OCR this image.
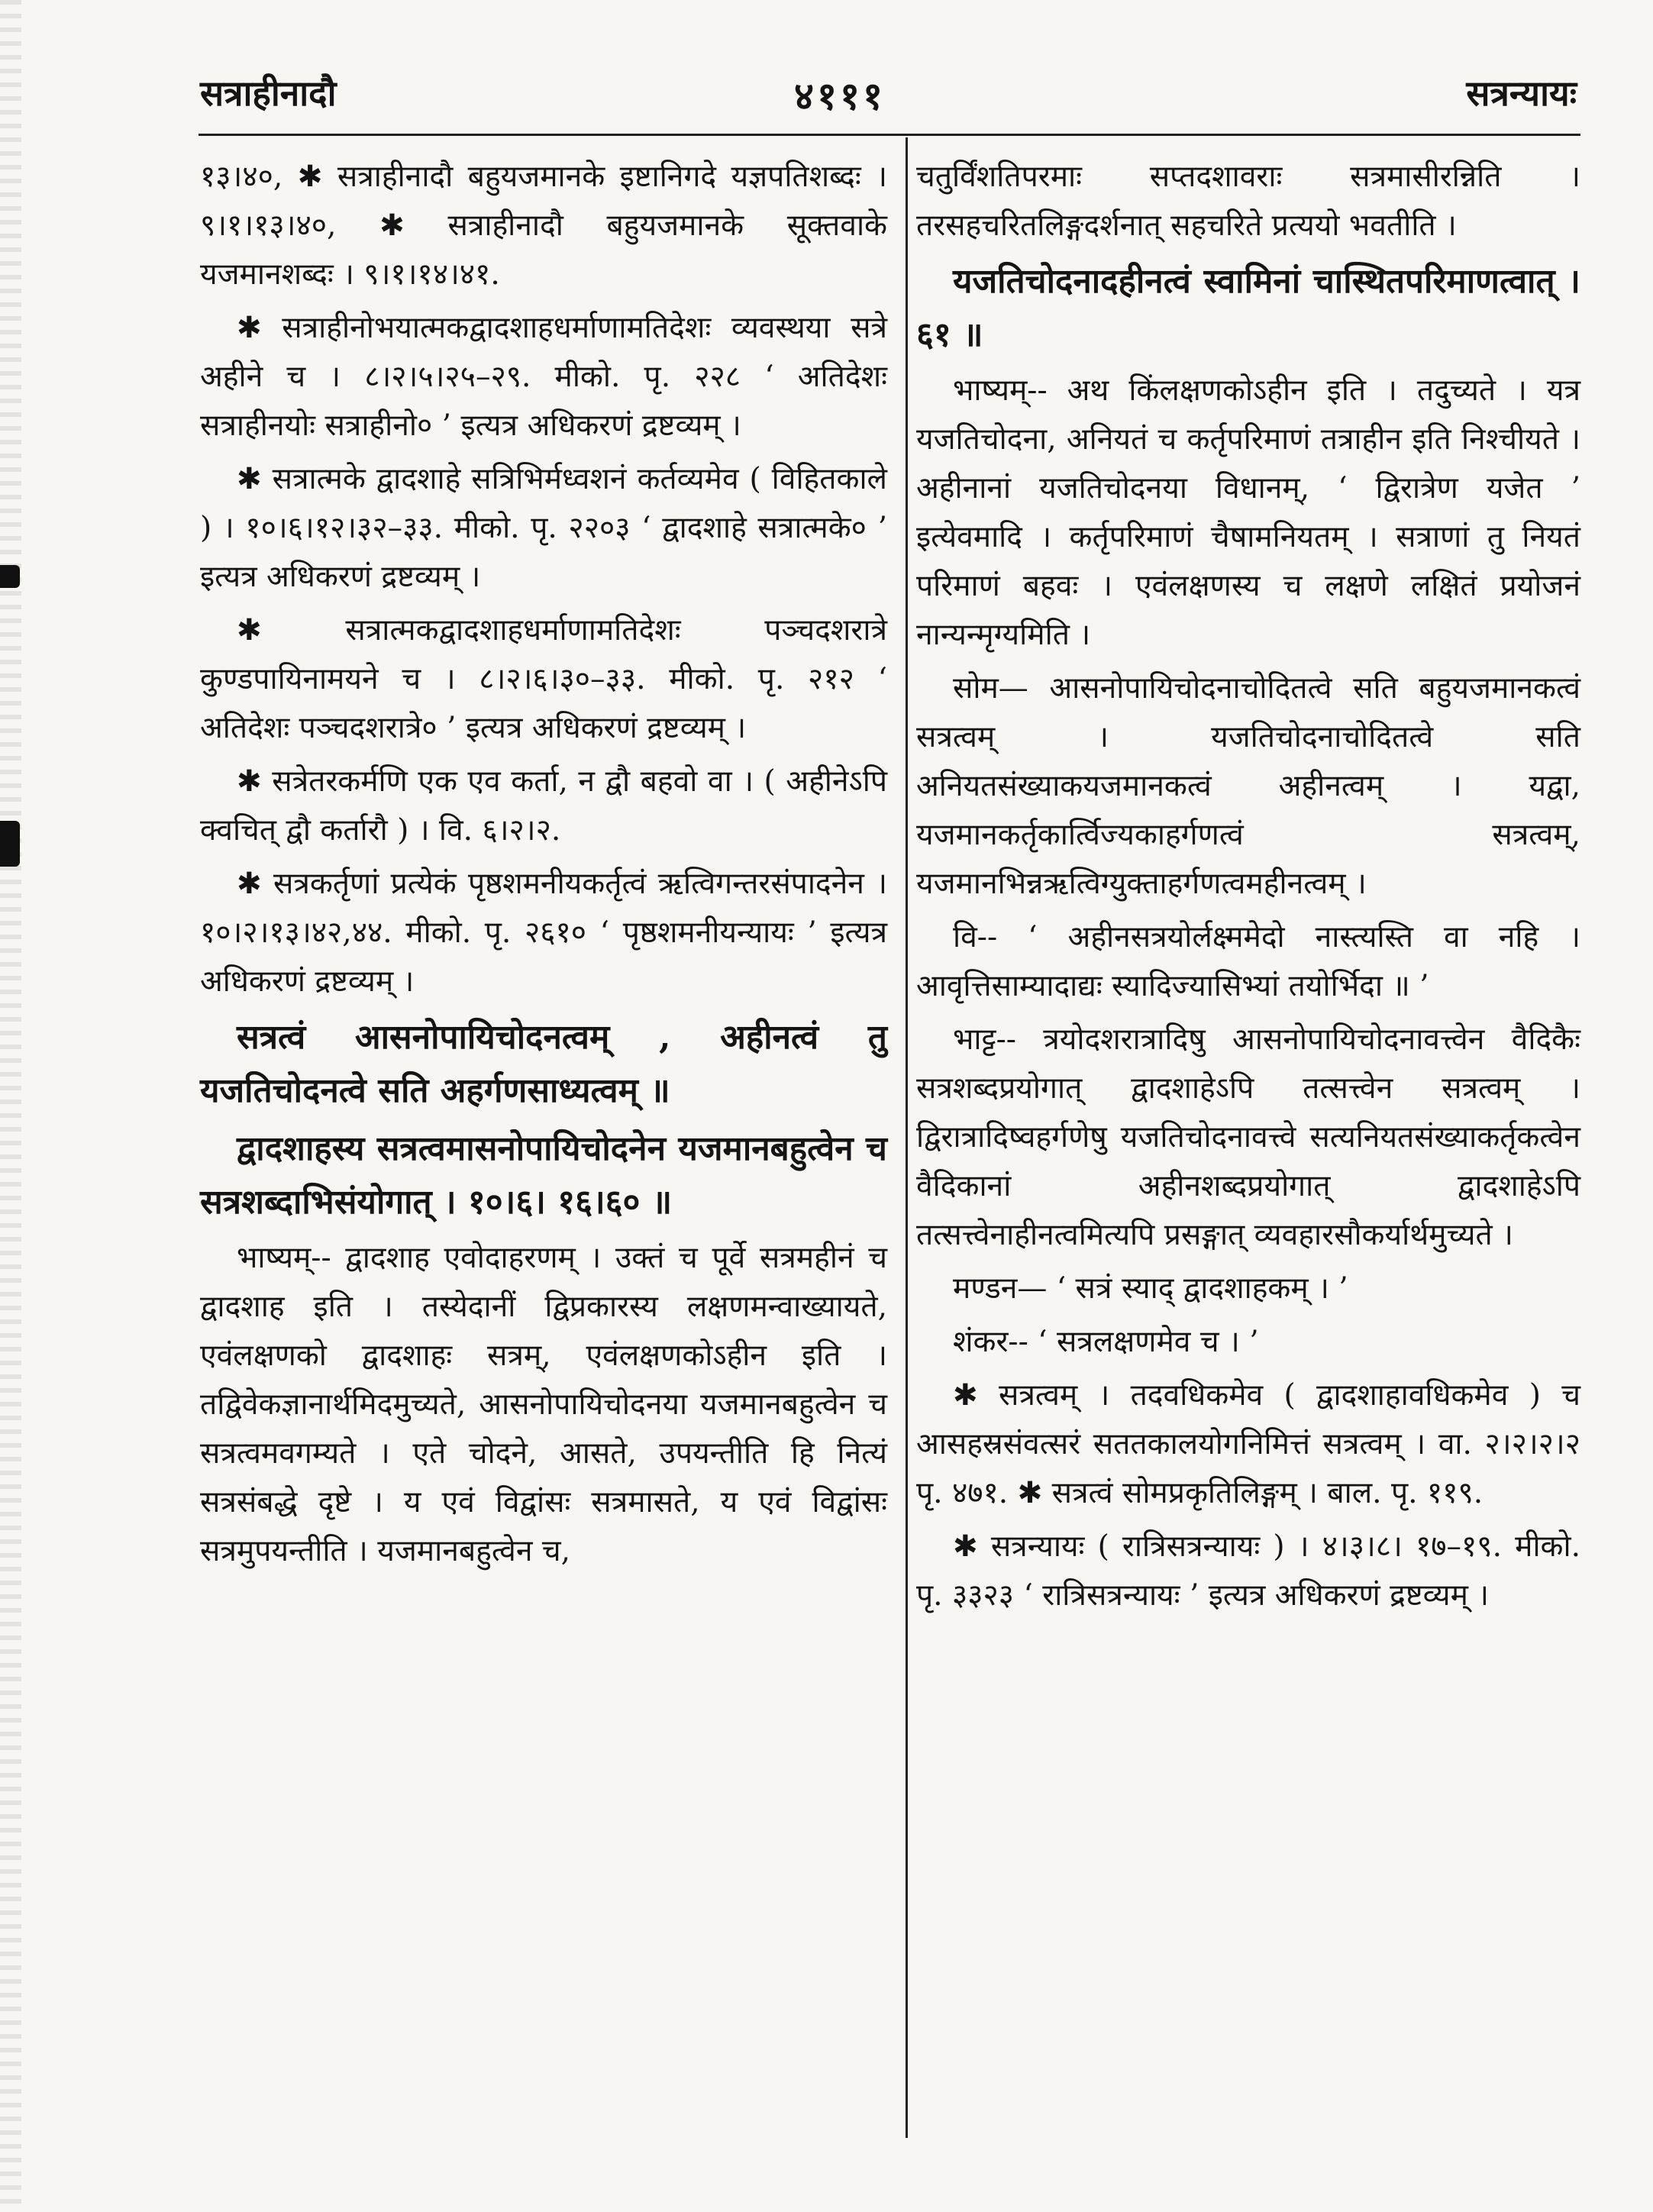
सत्राहीनादौ	४१११	सत्रन्यायः

१३।४०, ✱ सत्राहीनादौ बहुयजमानके इष्टानिगदे यज्ञपतिशब्दः । ९।१।१३।४०, ✱ सत्राहीनादौ बहुयजमानके सूक्तवाके यजमानशब्दः । ९।१।१४।४१.

✱ सत्राहीनोभयात्मकद्वादशाहधर्माणामतिदेशः व्यवस्थया सत्रे अहीने च । ८।२।५।२५–२९. मीको. पृ. २२८ ‘ अतिदेशः सत्राहीनयोः सत्राहीनो० ’ इत्यत्र अधिकरणं द्रष्टव्यम् ।

✱ सत्रात्मके द्वादशाहे सत्रिभिर्मध्वशनं कर्तव्यमेव ( विहितकाले ) । १०।६।१२।३२–३३. मीको. पृ. २२०३ ‘ द्वादशाहे सत्रात्मके० ’ इत्यत्र अधिकरणं द्रष्टव्यम् ।

✱ सत्रात्मकद्वादशाहधर्माणामतिदेशः पञ्चदशरात्रे कुण्डपायिनामयने च । ८।२।६।३०–३३. मीको. पृ. २१२ ‘ अतिदेशः पञ्चदशरात्रे० ’ इत्यत्र अधिकरणं द्रष्टव्यम् ।

✱ सत्रेतरकर्मणि एक एव कर्ता, न द्वौ बहवो वा । ( अहीनेऽपि क्वचित् द्वौ कर्तारौ ) । वि. ६।२।२.

✱ सत्रकर्तृणां प्रत्येकं पृष्ठशमनीयकर्तृत्वं ऋत्विगन्तरसंपादनेन । १०।२।१३।४२,४४. मीको. पृ. २६१० ‘ पृष्ठशमनीयन्यायः ’ इत्यत्र अधिकरणं द्रष्टव्यम् ।

सत्रत्वं आसनोपायिचोदनत्वम् , अहीनत्वं तु यजतिचोदनत्वे सति अहर्गणसाध्यत्वम् ॥

द्वादशाहस्य सत्रत्वमासनोपायिचोदनेन यजमानबहुत्वेन च सत्रशब्दाभिसंयोगात् । १०।६। १६।६० ॥

भाष्यम्-- द्वादशाह एवोदाहरणम् । उक्तं च पूर्वे सत्रमहीनं च द्वादशाह इति । तस्येदानीं द्विप्रकारस्य लक्षणमन्वाख्यायते, एवंलक्षणको द्वादशाहः सत्रम्, एवंलक्षणकोऽहीन इति । तद्विवेकज्ञानार्थमिदमुच्यते, आसनोपायिचोदनया यजमानबहुत्वेन च सत्रत्वमवगम्यते । एते चोदने, आसते, उपयन्तीति हि नित्यं सत्रसंबद्धे दृष्टे । य एवं विद्वांसः सत्रमासते, य एवं विद्वांसः सत्रमुपयन्तीति । यजमानबहुत्वेन च,

चतुर्विंशतिपरमाः सप्तदशावराः सत्रमासीरन्निति । तरसहचरितलिङ्गदर्शनात् सहचरिते प्रत्ययो भवतीति ।

यजतिचोदनादहीनत्वं स्वामिनां चास्थितपरिमाणत्वात् । ६१ ॥

भाष्यम्-- अथ किंलक्षणकोऽहीन इति । तदुच्यते । यत्र यजतिचोदना, अनियतं च कर्तृपरिमाणं तत्राहीन इति निश्चीयते । अहीनानां यजतिचोदनया विधानम्, ‘ द्विरात्रेण यजेत ’ इत्येवमादि । कर्तृपरिमाणं चैषामनियतम् । सत्राणां तु नियतं परिमाणं बहवः । एवंलक्षणस्य च लक्षणे लक्षितं प्रयोजनं नान्यन्मृग्यमिति ।

सोम— आसनोपायिचोदनाचोदितत्वे सति बहुयजमानकत्वं सत्रत्वम् । यजतिचोदनाचोदितत्वे सति अनियतसंख्याकयजमानकत्वं अहीनत्वम् । यद्वा, यजमानकर्तृकार्त्विज्यकाहर्गणत्वं सत्रत्वम्, यजमानभिन्नऋत्विग्युक्ताहर्गणत्वमहीनत्वम् ।

वि-- ‘ अहीनसत्रयोर्लक्ष्ममेदो नास्त्यस्ति वा नहि । आवृत्तिसाम्यादाद्यः स्यादिज्यासिभ्यां तयोर्भिदा ॥ ’

भाट्ट-- त्रयोदशरात्रादिषु आसनोपायिचोदनावत्त्वेन वैदिकैः सत्रशब्दप्रयोगात् द्वादशाहेऽपि तत्सत्त्वेन सत्रत्वम् । द्विरात्रादिष्वहर्गणेषु यजतिचोदनावत्त्वे सत्यनियतसंख्याकर्तृकत्वेन वैदिकानां अहीनशब्दप्रयोगात् द्वादशाहेऽपि तत्सत्त्वेनाहीनत्वमित्यपि प्रसङ्गात् व्यवहारसौकर्यार्थमुच्यते ।

मण्डन— ‘ सत्रं स्याद् द्वादशाहकम् । ’

शंकर-- ‘ सत्रलक्षणमेव च । ’

✱ सत्रत्वम् । तदवधिकमेव ( द्वादशाहावधिकमेव ) च आसहस्रसंवत्सरं सततकालयोगनिमित्तं सत्रत्वम् । वा. २।२।२।२ पृ. ४७१. ✱ सत्रत्वं सोमप्रकृतिलिङ्गम् । बाल. पृ. ११९.

✱ सत्रन्यायः ( रात्रिसत्रन्यायः ) । ४।३।८। १७–१९. मीको. पृ. ३३२३ ‘ रात्रिसत्रन्यायः ’ इत्यत्र अधिकरणं द्रष्टव्यम् ।
